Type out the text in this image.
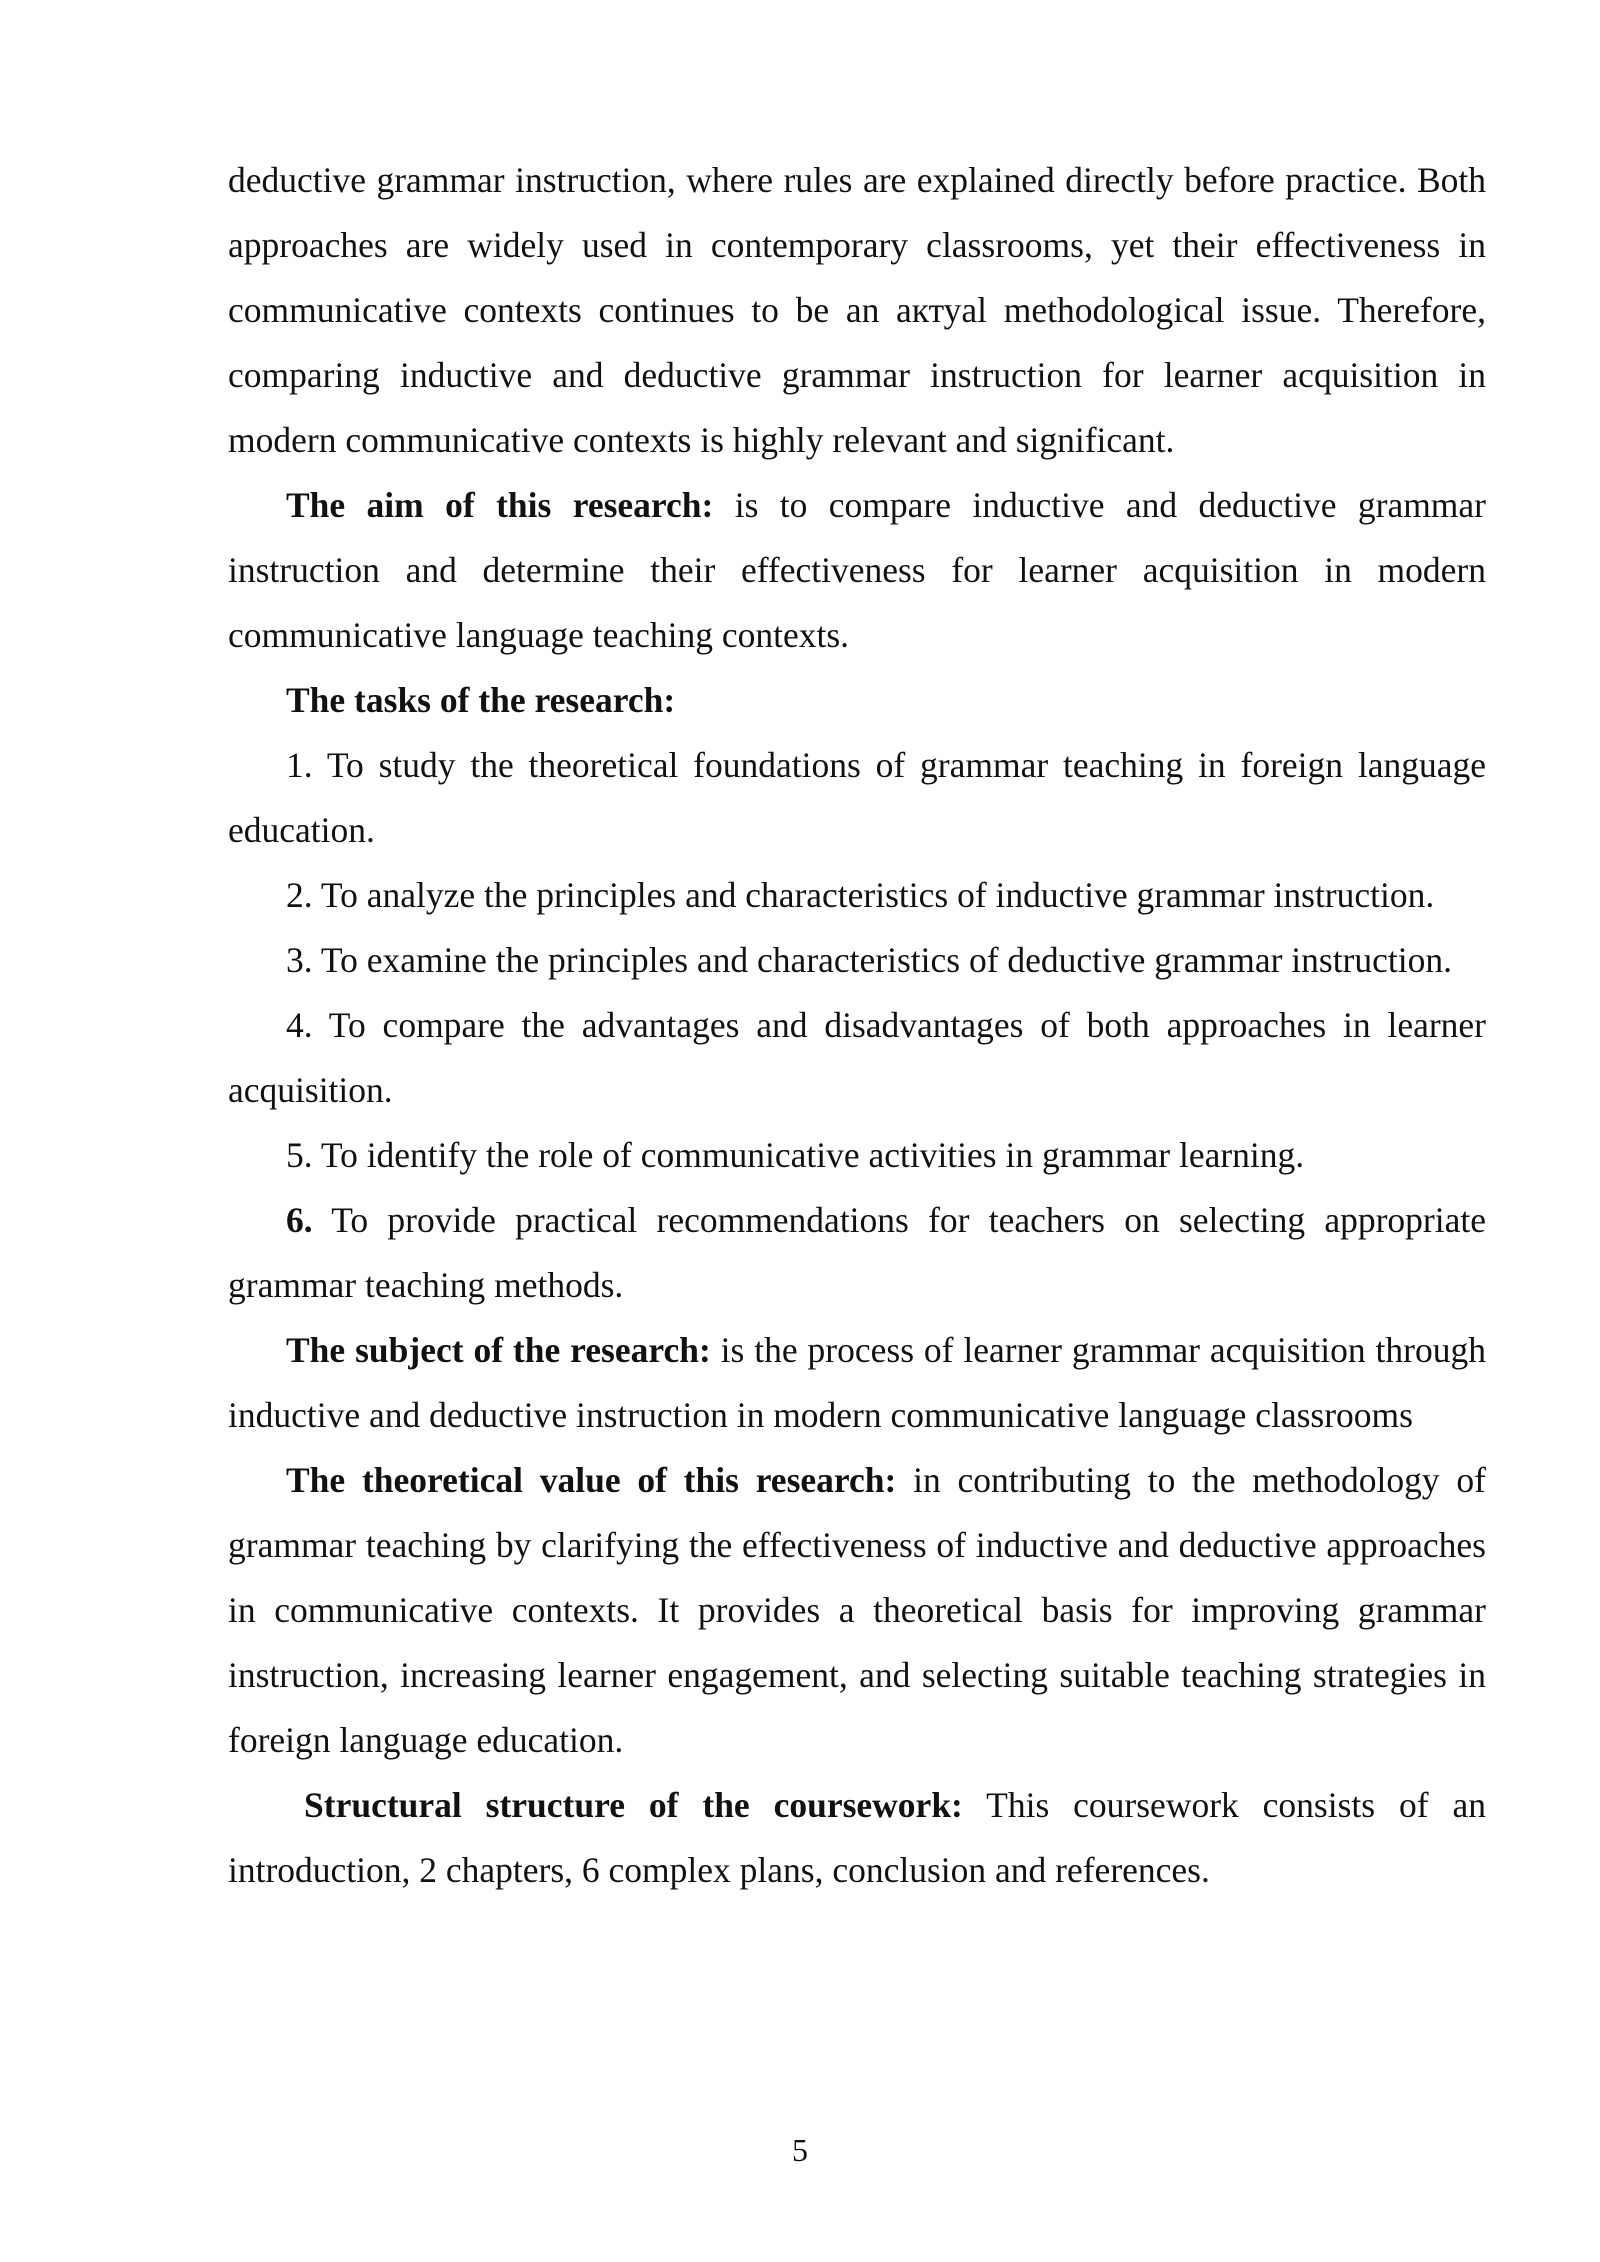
deductive grammar instruction, where rules are explained directly before practice. Both approaches are widely used in contemporary classrooms, yet their effectiveness in communicative contexts continues to be an актуal methodological issue. Therefore, comparing inductive and deductive grammar instruction for learner acquisition in modern communicative contexts is highly relevant and significant.

The aim of this research: is to compare inductive and deductive grammar instruction and determine their effectiveness for learner acquisition in modern communicative language teaching contexts.

The tasks of the research:

1. To study the theoretical foundations of grammar teaching in foreign language education.

2. To analyze the principles and characteristics of inductive grammar instruction.

3. To examine the principles and characteristics of deductive grammar instruction.

4. To compare the advantages and disadvantages of both approaches in learner acquisition.

5. To identify the role of communicative activities in grammar learning.

6. To provide practical recommendations for teachers on selecting appropriate grammar teaching methods.

The subject of the research: is the process of learner grammar acquisition through inductive and deductive instruction in modern communicative language classrooms

The theoretical value of this research: in contributing to the methodology of grammar teaching by clarifying the effectiveness of inductive and deductive approaches in communicative contexts. It provides a theoretical basis for improving grammar instruction, increasing learner engagement, and selecting suitable teaching strategies in foreign language education.

Structural structure of the coursework: This coursework consists of an introduction, 2 chapters, 6 complex plans, conclusion and references.

5
